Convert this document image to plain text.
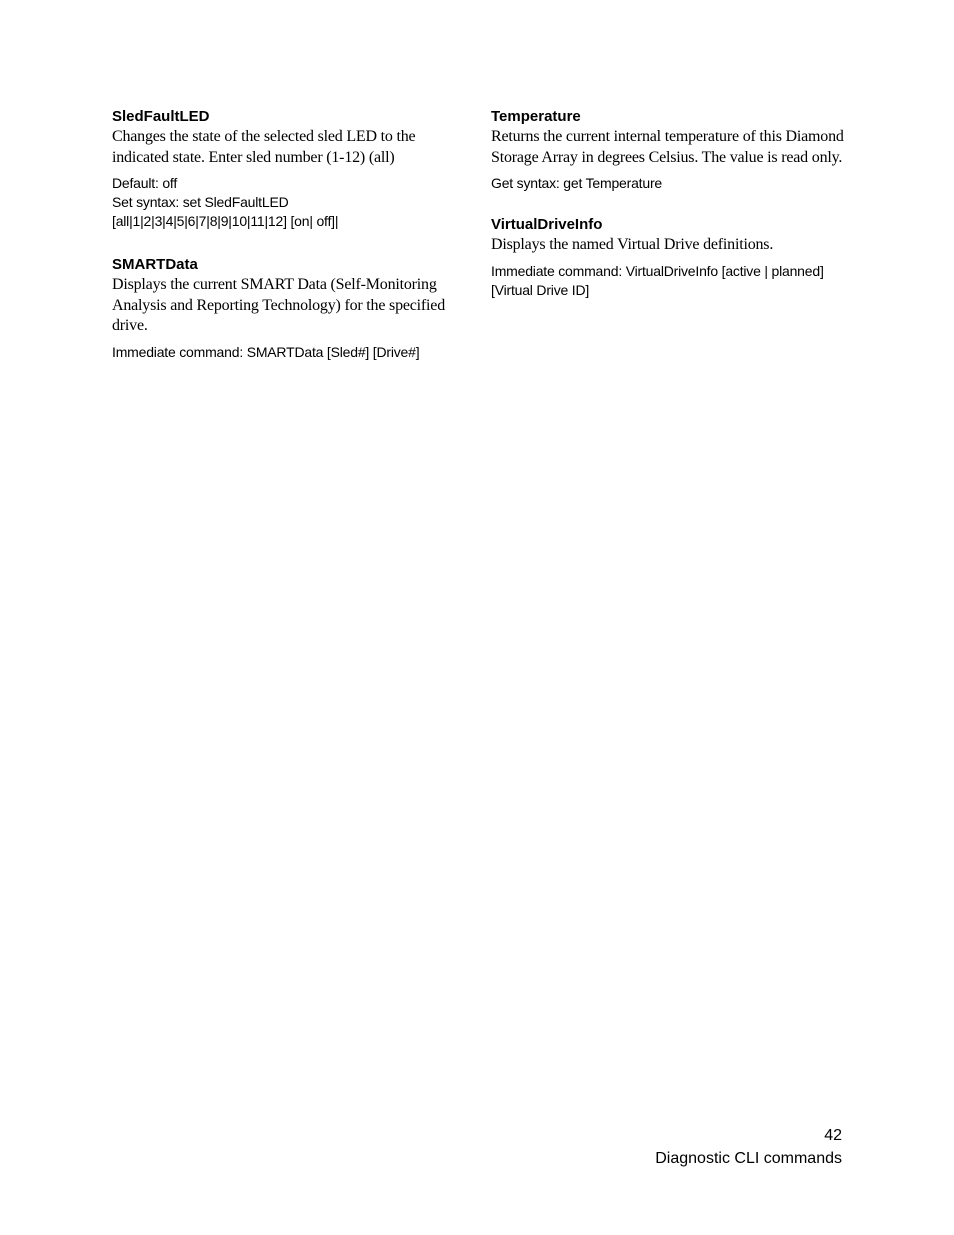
SledFaultLED

Changes the state of the selected sled LED to the indicated state. Enter sled number (1-12) (all)

Default: off
Set syntax: set SledFaultLED
[all|1|2|3|4|5|6|7|8|9|10|11|12] [on| off]|

SMARTData

Displays the current SMART Data (Self-Monitoring Analysis and Reporting Technology) for the specified drive.

Immediate command: SMARTData [Sled#] [Drive#]

Temperature

Returns the current internal temperature of this Diamond Storage Array in degrees Celsius. The value is read only.

Get syntax: get Temperature

VirtualDriveInfo

Displays the named Virtual Drive definitions.

Immediate command: VirtualDriveInfo [active | planned]
[Virtual Drive ID]

42
Diagnostic CLI commands
